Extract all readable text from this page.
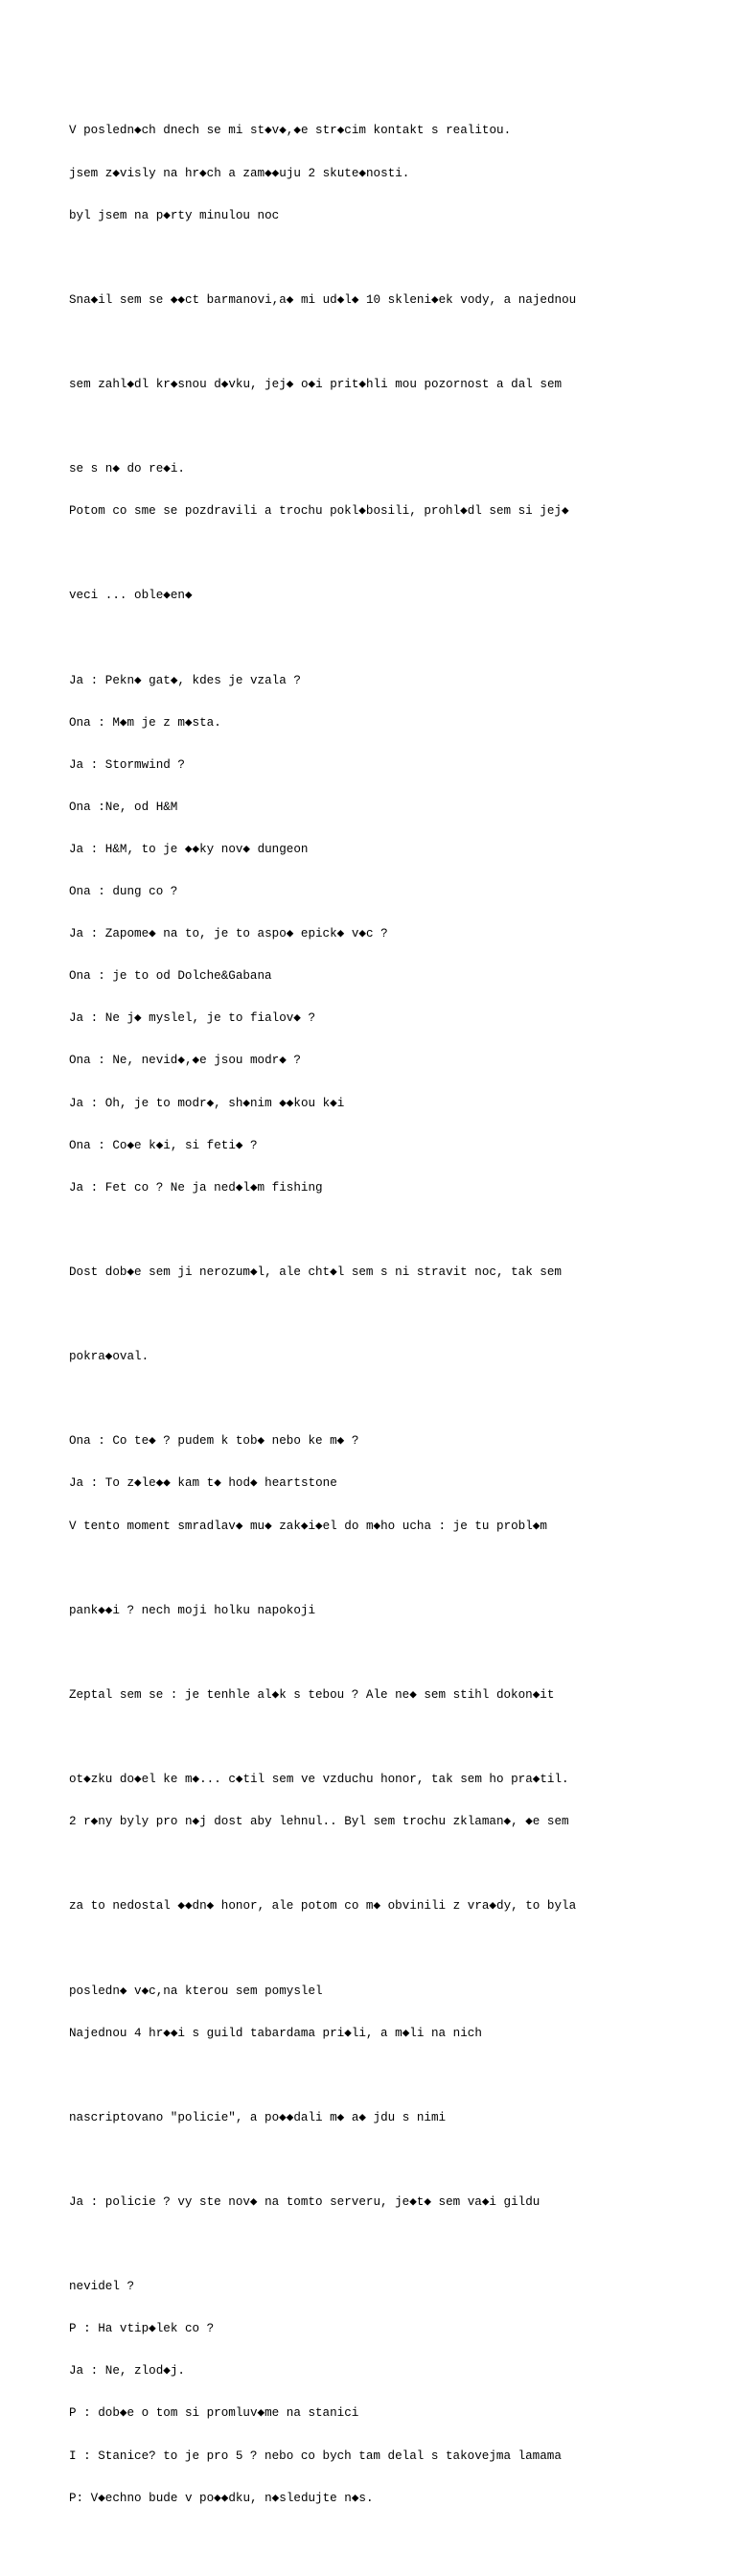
V posledn◆ch dnech se mi st◆v◆,◆e str◆cim kontakt s realitou.

jsem z◆visly na hr◆ch a zam◆◆uju 2 skute◆nosti.

byl jsem na p◆rty minulou noc

Sna◆il sem se ◆◆ct barmanovi,a◆ mi ud◆l◆ 10 skleni◆ek vody, a najednou

sem zahl◆dl kr◆snou d◆vku, jej◆ o◆i prit◆hli mou pozornost a dal sem

se s n◆ do re◆i.

Potom co sme se pozdravili a trochu pokl◆bosili, prohl◆dl sem si jej◆

veci ... oble◆en◆

Ja : Pekn◆ gat◆, kdes je vzala ?

Ona : M◆m je z m◆sta.

Ja : Stormwind ?

Ona :Ne, od H&M

Ja : H&M, to je ◆◆ky nov◆ dungeon

Ona : dung co ?

Ja : Zapome◆ na to, je to aspo◆ epick◆ v◆c ?

Ona : je to od Dolche&Gabana

Ja : Ne j◆ myslel, je to fialov◆ ?

Ona : Ne, nevid◆,◆e jsou modr◆ ?

Ja : Oh, je to modr◆, sh◆nim ◆◆kou k◆i

Ona : Co◆e k◆i, si feti◆ ?

Ja : Fet co ? Ne ja ned◆l◆m fishing

Dost dob◆e sem ji nerozum◆l, ale cht◆l sem s ni stravit noc, tak sem

pokra◆oval.

Ona : Co te◆ ? pudem k tob◆ nebo ke m◆ ?

Ja : To z◆le◆◆ kam t◆ hod◆ heartstone

V tento moment smradlav◆ mu◆ zak◆i◆el do m◆ho ucha : je tu probl◆m

pank◆◆i ? nech moji holku napokoji

Zeptal sem se : je tenhle al◆k s tebou ? Ale ne◆ sem stihl dokon◆it

ot◆zku do◆el ke m◆... c◆til sem ve vzduchu honor, tak sem ho pra◆til.

2 r◆ny byly pro n◆j dost aby lehnul.. Byl sem trochu zklaman◆, ◆e sem

za to nedostal ◆◆dn◆ honor, ale potom co m◆ obvinili z vra◆dy, to byla

posledn◆ v◆c,na kterou sem pomyslel

Najednou 4 hr◆◆i s guild tabardama pri◆li, a m◆li na nich

nascriptovano "policie", a po◆◆dali m◆ a◆ jdu s nimi

Ja : policie ? vy ste nov◆ na tomto serveru, je◆t◆ sem va◆i gildu

nevidel ?

P : Ha vtip◆lek co ?

Ja : Ne, zlod◆j.

P : dob◆e o tom si promluv◆me na stanici

I : Stanice? to je pro 5 ? nebo co bych tam delal s takovejma lamama

P: V◆echno bude v po◆◆dku, n◆sledujte n◆s.
